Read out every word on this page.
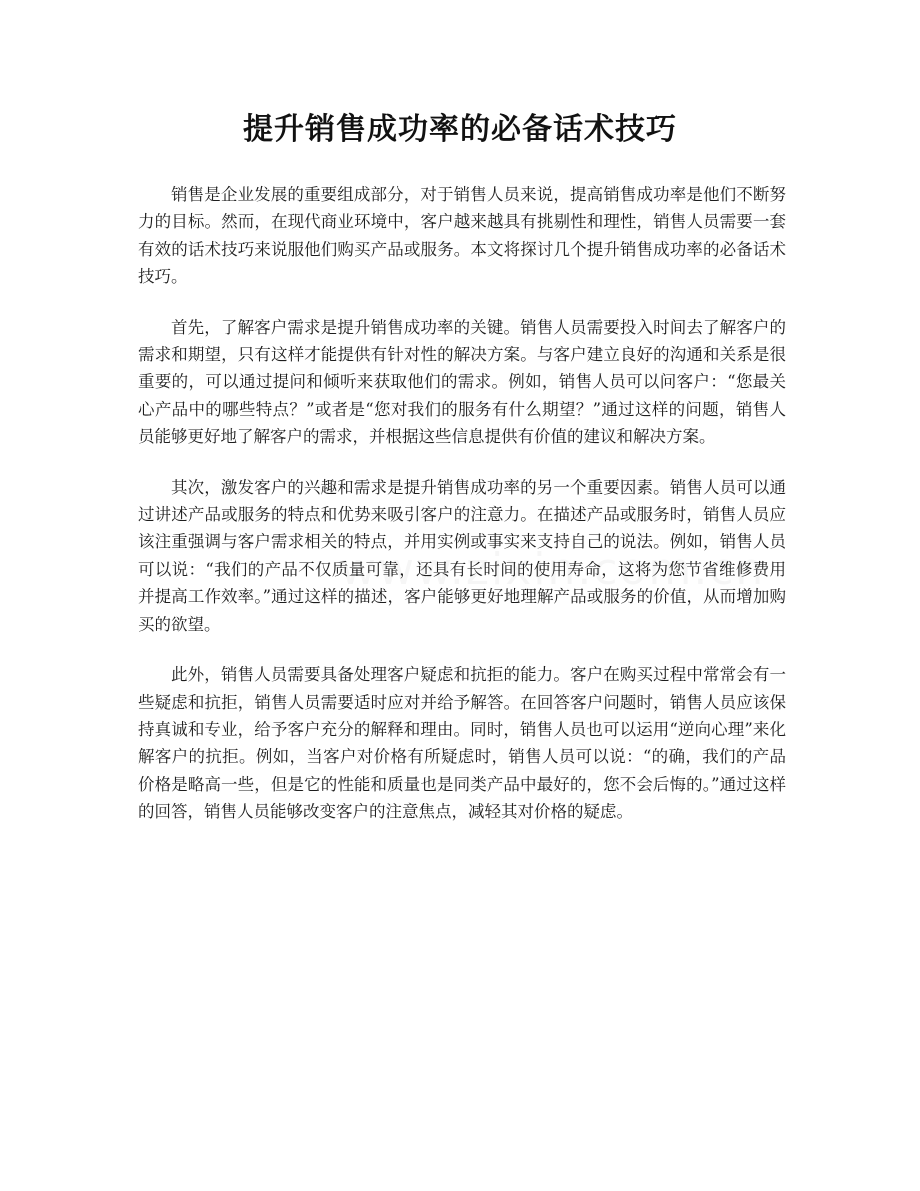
提升销售成功率的必备话术技巧

销售是企业发展的重要组成部分，对于销售人员来说，提高销售成功率是他们不断努力的目标。然而，在现代商业环境中，客户越来越具有挑剔性和理性，销售人员需要一套有效的话术技巧来说服他们购买产品或服务。本文将探讨几个提升销售成功率的必备话术技巧。

首先，了解客户需求是提升销售成功率的关键。销售人员需要投入时间去了解客户的需求和期望，只有这样才能提供有针对性的解决方案。与客户建立良好的沟通和关系是很重要的，可以通过提问和倾听来获取他们的需求。例如，销售人员可以问客户：“您最关心产品中的哪些特点？”或者是“您对我们的服务有什么期望？”通过这样的问题，销售人员能够更好地了解客户的需求，并根据这些信息提供有价值的建议和解决方案。

其次，激发客户的兴趣和需求是提升销售成功率的另一个重要因素。销售人员可以通过讲述产品或服务的特点和优势来吸引客户的注意力。在描述产品或服务时，销售人员应该注重强调与客户需求相关的特点，并用实例或事实来支持自己的说法。例如，销售人员可以说：“我们的产品不仅质量可靠，还具有长时间的使用寿命，这将为您节省维修费用并提高工作效率。”通过这样的描述，客户能够更好地理解产品或服务的价值，从而增加购买的欲望。

此外，销售人员需要具备处理客户疑虑和抗拒的能力。客户在购买过程中常常会有一些疑虑和抗拒，销售人员需要适时应对并给予解答。在回答客户问题时，销售人员应该保持真诚和专业，给予客户充分的解释和理由。同时，销售人员也可以运用“逆向心理”来化解客户的抗拒。例如，当客户对价格有所疑虑时，销售人员可以说：“的确，我们的产品价格是略高一些，但是它的性能和质量也是同类产品中最好的，您不会后悔的。”通过这样的回答，销售人员能够改变客户的注意焦点，减轻其对价格的疑虑。
